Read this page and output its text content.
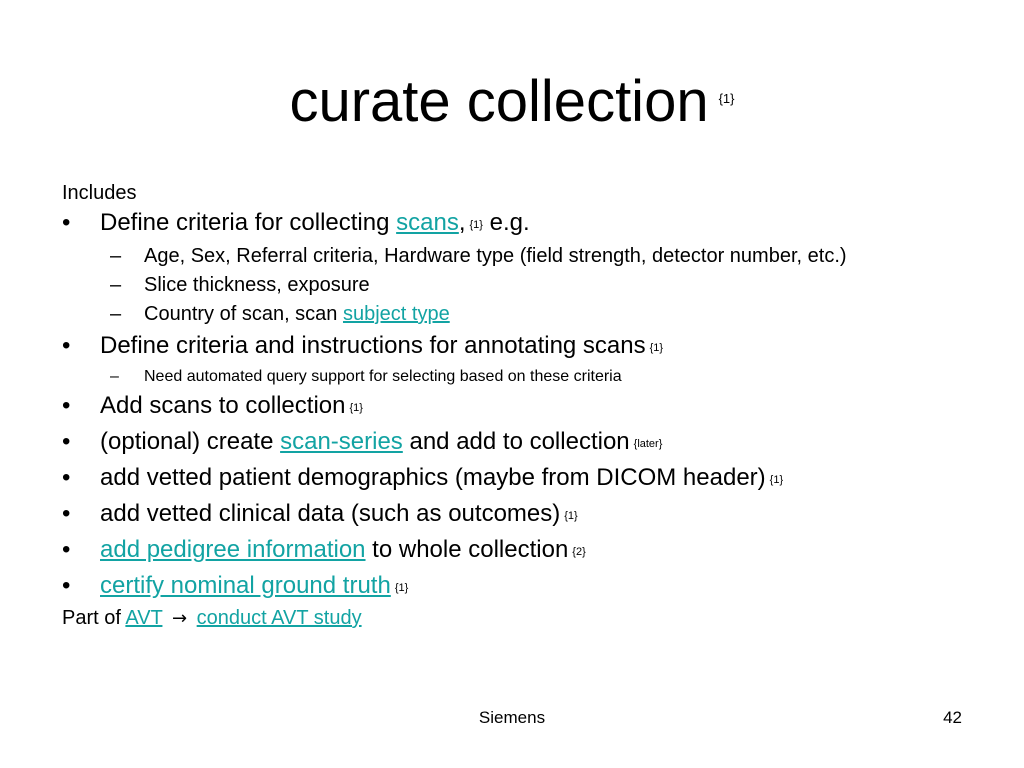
curate collection $^{\{1\}}$

Includes

•	Define criteria for collecting scans, {1} e.g.
–	Age, Sex, Referral criteria, Hardware type (field strength, detector number, etc.)
–	Slice thickness, exposure
–	Country of scan, scan subject type
•	Define criteria and instructions for annotating scans {1}
–	Need automated query support for selecting based on these criteria
•	Add scans to collection {1}
•	(optional) create scan-series and add to collection {later}
•	add vetted patient demographics (maybe from DICOM header) {1}
•	add vetted clinical data (such as outcomes) {1}
•	add pedigree information to whole collection {2}
•	certify nominal ground truth {1}

Part of AVT → conduct AVT study

Siemens	42
